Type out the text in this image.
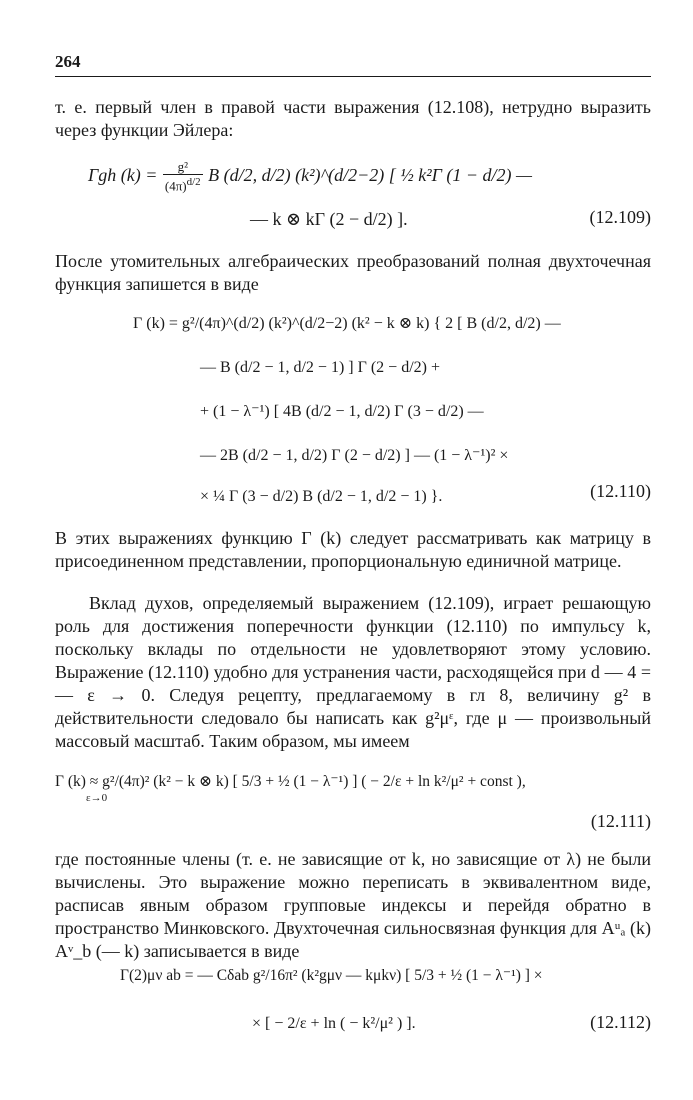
264

т. е. первый член в правой части выражения (12.108), нетрудно выразить через функции Эйлера:

Γgh $(k) = \frac{\text{g²}}{(4\pi)^{d/2}}$ B (d/2, d/2) (k²)^(d/2−2) [ ½ k²Γ (1 − d/2) —
— k ⊗ kΓ (2 − d/2) ].	(12.109)

После утомительных алгебраических преобразований полная двухточечная функция запишется в виде

Γ (k) = g²/(4π)^(d/2) (k²)^(d/2−2) (k² − k ⊗ k) { 2 [ B (d/2, d/2) —
— B (d/2 − 1, d/2 − 1) ] Γ (2 − d/2) +
+ (1 − λ⁻¹) [ 4B (d/2 − 1, d/2) Γ (3 − d/2) —
— 2B (d/2 − 1, d/2) Γ (2 − d/2) ] — (1 − λ⁻¹)² ×
× ¼ Γ (3 − d/2) B (d/2 − 1, d/2 − 1) }.	(12.110)

В этих выражениях функцию Γ (k) следует рассматривать как матрицу в присоединенном представлении, пропорциональную единичной матрице.

Вклад духов, определяемый выражением (12.109), играет решающую роль для достижения поперечности функции (12.110) по импульсу k, поскольку вклады по отдельности не удовлетворяют этому условию. Выражение (12.110) удобно для устранения части, расходящейся при d — 4 = — ε → 0. Следуя рецепту, предлагаемому в гл 8, величину g² в действительности следовало бы написать как g²μᵋ, где μ — произвольный массовый масштаб. Таким образом, мы имеем

Γ (k) ≈ g²/(4π)² (k² − k ⊗ k) [ 5/3 + ½ (1 − λ⁻¹) ] ( − 2/ε + ln k²/μ² + const ),
ε→0
(12.111)

где постоянные члены (т. е. не зависящие от k, но зависящие от λ) не были вычислены. Это выражение можно переписать в эквивалентном виде, расписав явным образом групповые индексы и перейдя обратно в пространство Минковского. Двухточечная сильносвязная функция для Aᵘₐ (k) Aᵛ_b (— k) записывается в виде

Γ(2)μν ab = — Cδab g²/16π² (k²gμν — kμkν) [ 5/3 + ½ (1 − λ⁻¹) ] ×
× [ − 2/ε + ln ( − k²/μ² ) ].	(12.112)
